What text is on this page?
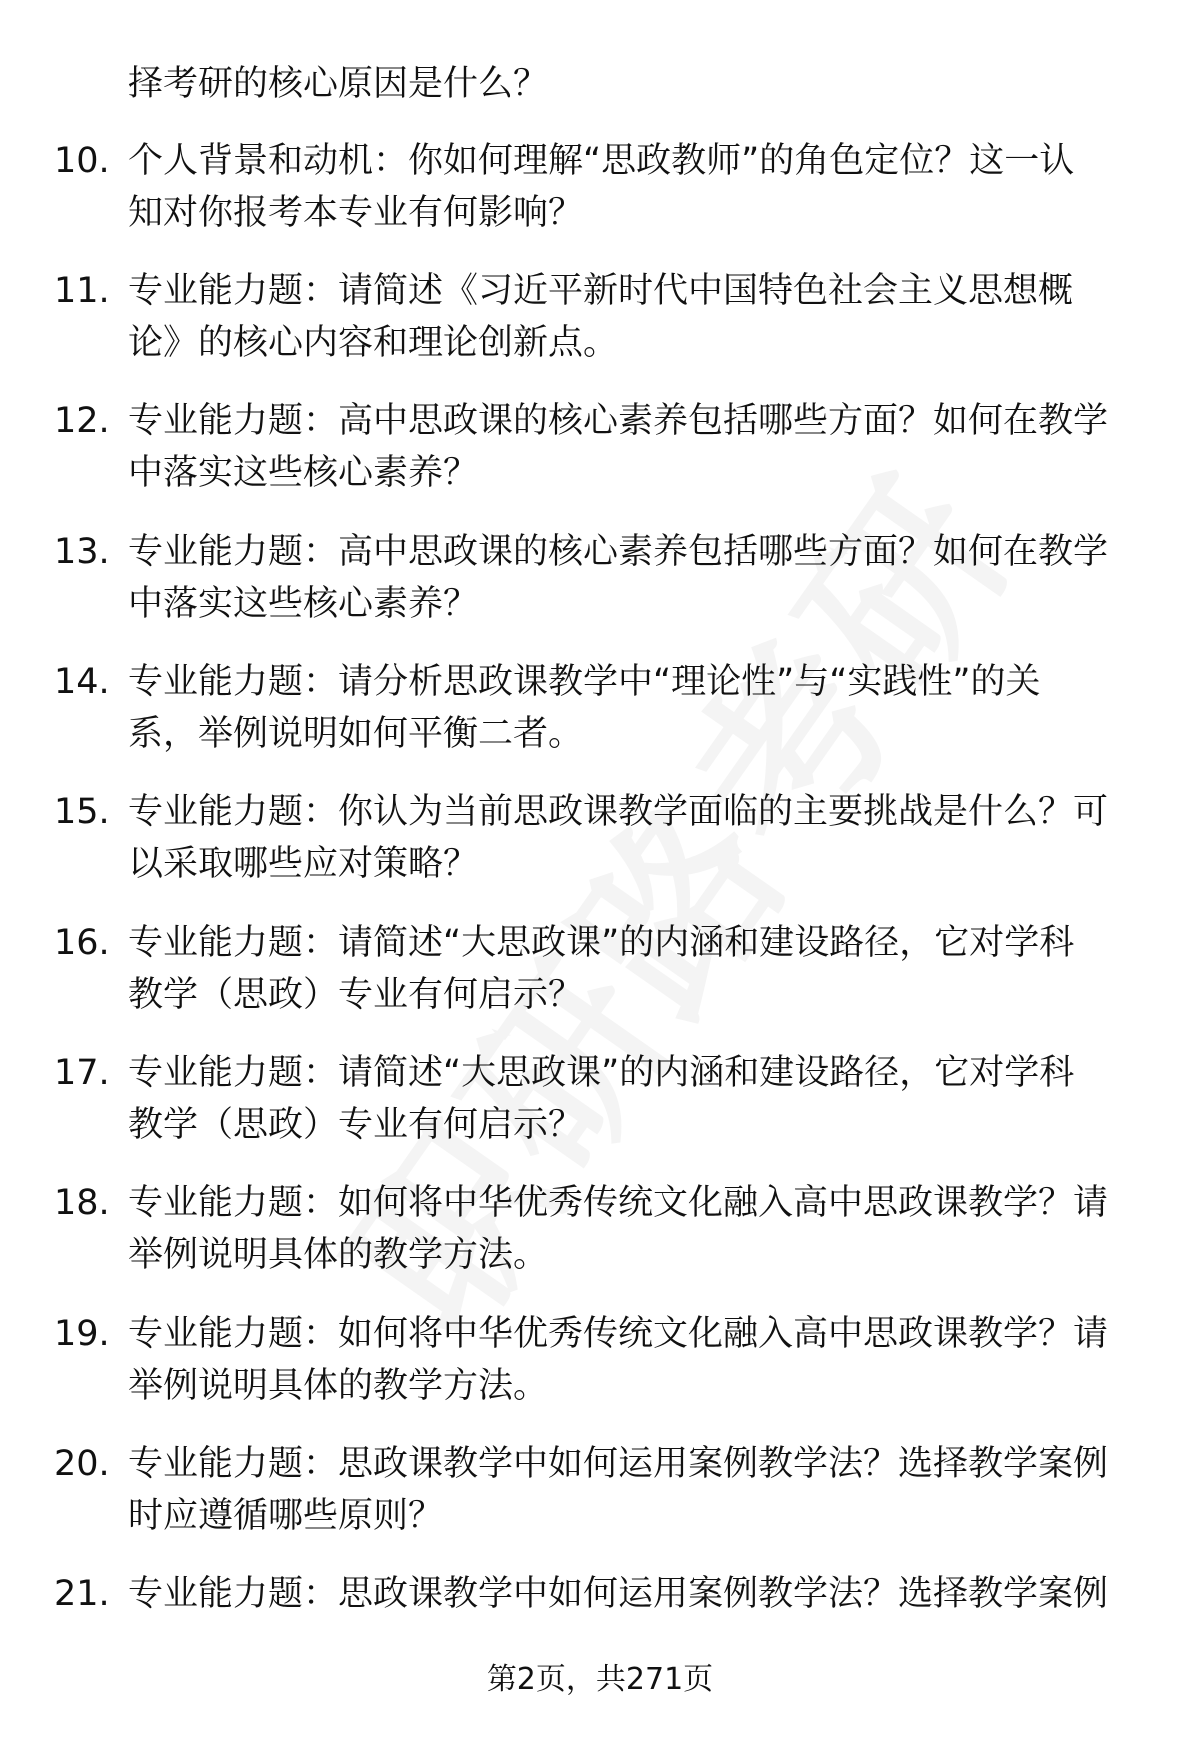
择考研的核心原因是什么？
10. 个人背景和动机：你如何理解“思政教师”的角色定位？这一认
知对你报考本专业有何影响？
11. 专业能力题：请简述《习近平新时代中国特色社会主义思想概
论》的核心内容和理论创新点。
12. 专业能力题：高中思政课的核心素养包括哪些方面？如何在教学
中落实这些核心素养？
13. 专业能力题：高中思政课的核心素养包括哪些方面？如何在教学
中落实这些核心素养？
14. 专业能力题：请分析思政课教学中“理论性”与“实践性”的关
系，举例说明如何平衡二者。
15. 专业能力题：你认为当前思政课教学面临的主要挑战是什么？可
以采取哪些应对策略？
16. 专业能力题：请简述“大思政课”的内涵和建设路径，它对学科
教学（思政）专业有何启示？
17. 专业能力题：请简述“大思政课”的内涵和建设路径，它对学科
教学（思政）专业有何启示？
18. 专业能力题：如何将中华优秀传统文化融入高中思政课教学？请
举例说明具体的教学方法。
19. 专业能力题：如何将中华优秀传统文化融入高中思政课教学？请
举例说明具体的教学方法。
20. 专业能力题：思政课教学中如何运用案例教学法？选择教学案例
时应遵循哪些原则？
21. 专业能力题：思政课教学中如何运用案例教学法？选择教学案例
第2页，共271页
